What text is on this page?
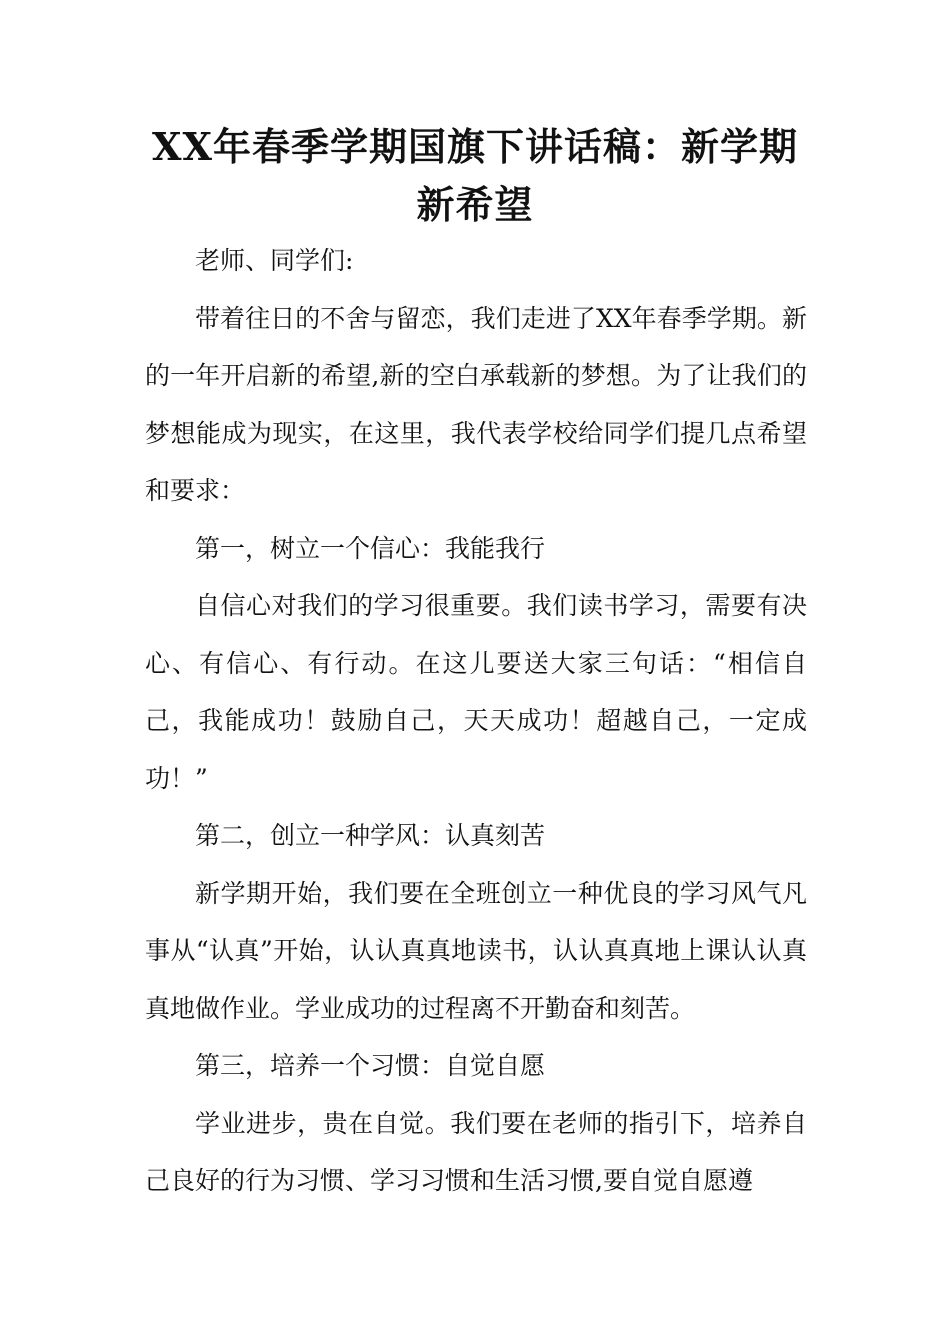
XX年春季学期国旗下讲话稿：新学期新希望

老师、同学们:

带着往日的不舍与留恋，我们走进了XX年春季学期。新的一年开启新的希望,新的空白承载新的梦想。为了让我们的梦想能成为现实，在这里，我代表学校给同学们提几点希望和要求：

第一，树立一个信心：我能我行

自信心对我们的学习很重要。我们读书学习，需要有决心、有信心、有行动。在这儿要送大家三句话：“相信自己，我能成功！鼓励自己，天天成功！超越自己，一定成功！”

第二，创立一种学风：认真刻苦

新学期开始，我们要在全班创立一种优良的学习风气凡事从“认真”开始，认认真真地读书，认认真真地上课认认真真地做作业。学业成功的过程离不开勤奋和刻苦。

第三，培养一个习惯：自觉自愿

学业进步，贵在自觉。我们要在老师的指引下，培养自己良好的行为习惯、学习习惯和生活习惯,要自觉自愿遵
